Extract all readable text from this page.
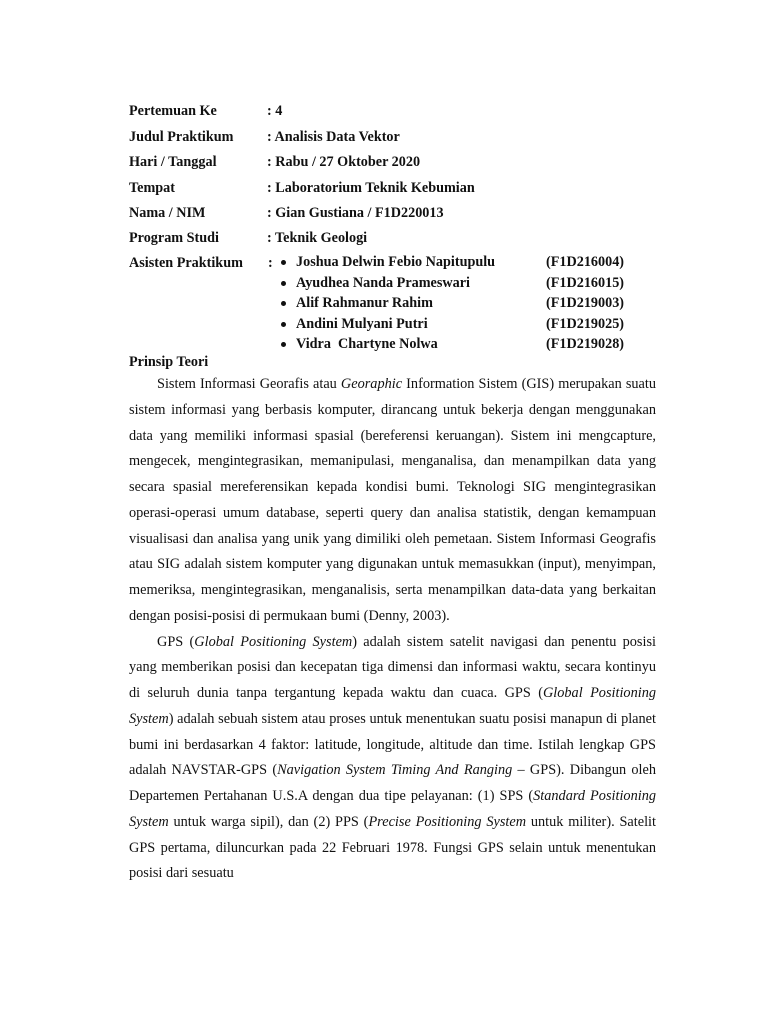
Pertemuan Ke	: 4
Judul Praktikum : Analisis Data Vektor
Hari / Tanggal	: Rabu / 27 Oktober 2020
Tempat	: Laboratorium Teknik Kebumian
Nama / NIM	: Gian Gustiana / F1D220013
Program Studi	: Teknik Geologi
Asisten Praktikum : Joshua Delwin Febio Napitupulu	(F1D216004)
Ayudhea Nanda Prameswari	(F1D216015)
Alif Rahmanur Rahim	(F1D219003)
Andini Mulyani Putri	(F1D219025)
Vidra  Chartyne Nolwa	(F1D219028)
Prinsip Teori

Sistem Informasi Georafis atau Georaphic Information Sistem (GIS) merupakan suatu sistem informasi yang berbasis komputer, dirancang untuk bekerja dengan menggunakan data yang memiliki informasi spasial (bereferensi keruangan). Sistem ini mengcapture, mengecek, mengintegrasikan, memanipulasi, menganalisa, dan menampilkan data yang secara spasial mereferensikan kepada kondisi bumi. Teknologi SIG mengintegrasikan operasi-operasi umum database, seperti query dan analisa statistik, dengan kemampuan visualisasi dan analisa yang unik yang dimiliki oleh pemetaan. Sistem Informasi Geografis atau SIG adalah sistem komputer yang digunakan untuk memasukkan (input), menyimpan, memeriksa, mengintegrasikan, menganalisis, serta menampilkan data-data yang berkaitan dengan posisi-posisi di permukaan bumi (Denny, 2003).

GPS (Global Positioning System) adalah sistem satelit navigasi dan penentu posisi yang memberikan posisi dan kecepatan tiga dimensi dan informasi waktu, secara kontinyu di seluruh dunia tanpa tergantung kepada waktu dan cuaca. GPS (Global Positioning System) adalah sebuah sistem atau proses untuk menentukan suatu posisi manapun di planet bumi ini berdasarkan 4 faktor: latitude, longitude, altitude dan time. Istilah lengkap GPS adalah NAVSTAR-GPS (Navigation System Timing And Ranging – GPS). Dibangun oleh Departemen Pertahanan U.S.A dengan dua tipe pelayanan: (1) SPS (Standard Positioning System untuk warga sipil), dan (2) PPS (Precise Positioning System untuk militer). Satelit GPS pertama, diluncurkan pada 22 Februari 1978. Fungsi GPS selain untuk menentukan posisi dari sesuatu
